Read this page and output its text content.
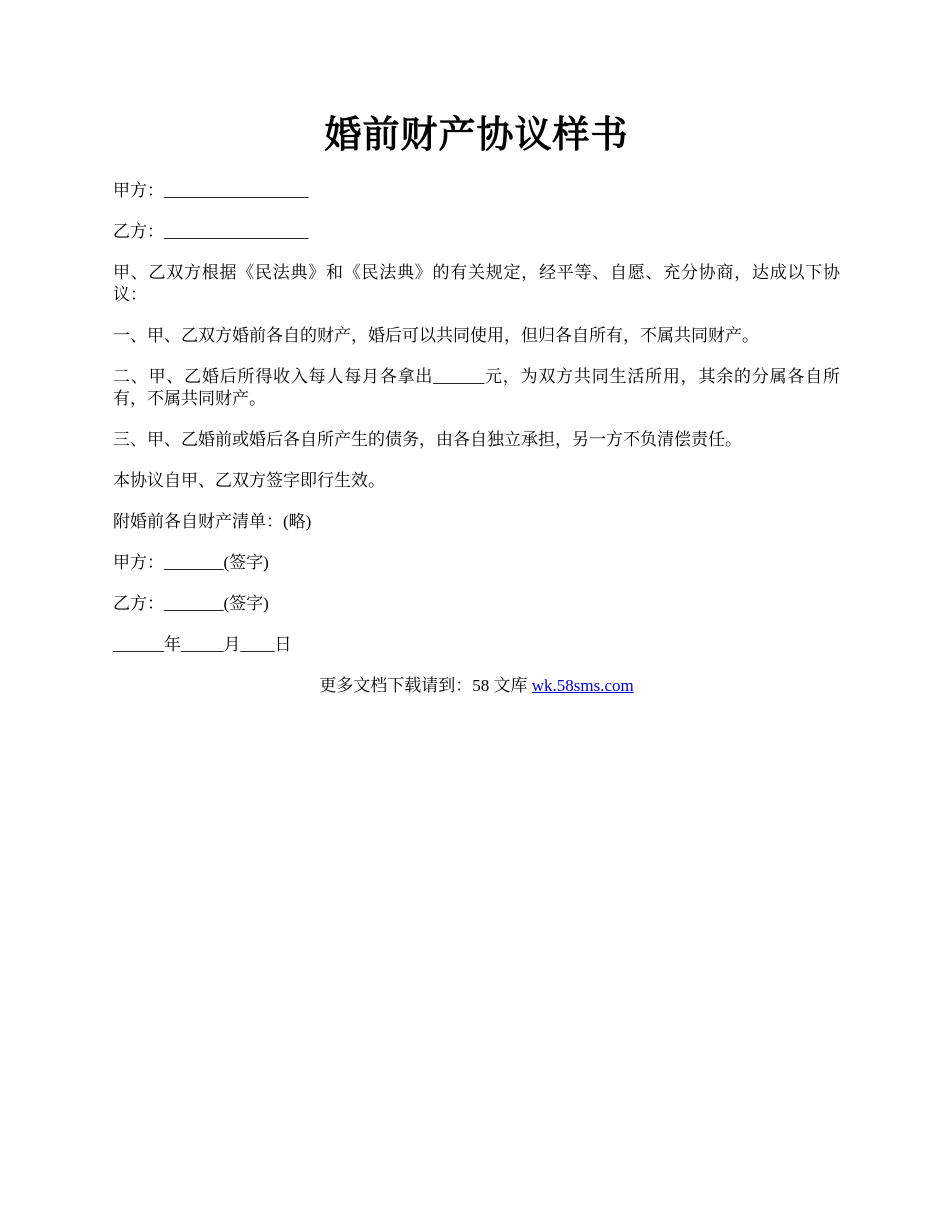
婚前财产协议样书

甲方：_________________

乙方：_________________

甲、乙双方根据《民法典》和《民法典》的有关规定，经平等、自愿、充分协商，达成以下协议：

一、甲、乙双方婚前各自的财产，婚后可以共同使用，但归各自所有，不属共同财产。

二、甲、乙婚后所得收入每人每月各拿出______元，为双方共同生活所用，其余的分属各自所有，不属共同财产。

三、甲、乙婚前或婚后各自所产生的债务，由各自独立承担，另一方不负清偿责任。

本协议自甲、乙双方签字即行生效。

附婚前各自财产清单：(略)

甲方：_______(签字)

乙方：_______(签字)

______年_____月____日

更多文档下载请到：58 文库 wk.58sms.com
